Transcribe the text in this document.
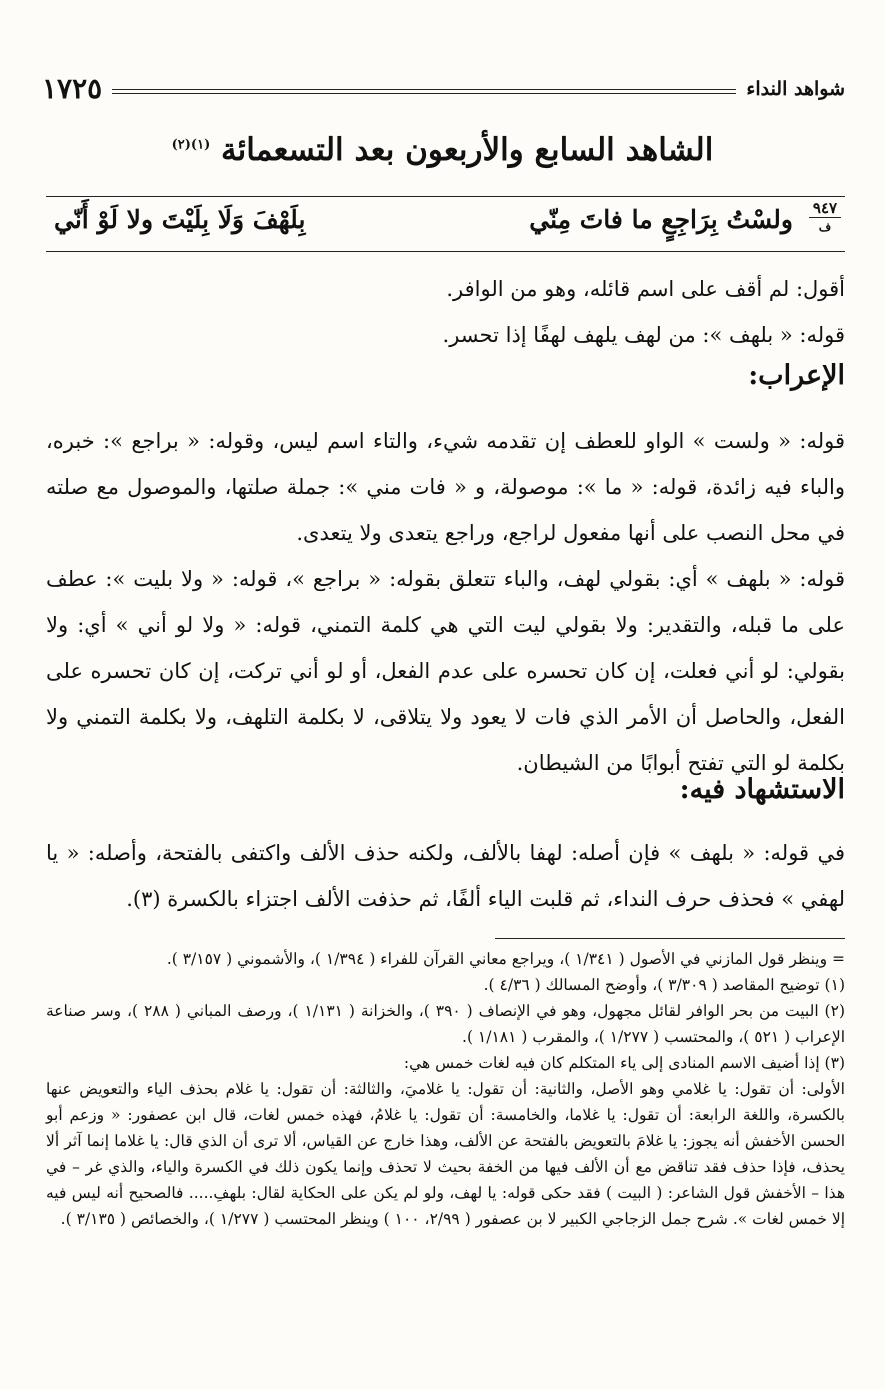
شواهد النداء
١٧٢٥
الشاهد السابع والأربعون بعد التسعمائة $^{(١)(٢)}$
٩٤٧
ف
ولسْتُ بِرَاجِعٍ ما فاتَ مِنّي
بِلَهْفَ وَلَا بِلَيْتَ ولا لَوْ أَنّي

أقول: لم أقف على اسم قائله، وهو من الوافر.

قوله: « بلهف »: من لهف يلهف لهفًا إذا تحسر.

الإعراب:

قوله: « ولست » الواو للعطف إن تقدمه شيء، والتاء اسم ليس، وقوله: « براجع »: خبره، والباء فيه زائدة، قوله: « ما »: موصولة، و « فات مني »: جملة صلتها، والموصول مع صلته في محل النصب على أنها مفعول لراجع، وراجع يتعدى ولا يتعدى.

قوله: « بلهف » أي: بقولي لهف، والباء تتعلق بقوله: « براجع »، قوله: « ولا بليت »: عطف على ما قبله، والتقدير: ولا بقولي ليت التي هي كلمة التمني، قوله: « ولا لو أني » أي: ولا بقولي: لو أني فعلت، إن كان تحسره على عدم الفعل، أو لو أني تركت، إن كان تحسره على الفعل، والحاصل أن الأمر الذي فات لا يعود ولا يتلاقى، لا بكلمة التلهف، ولا بكلمة التمني ولا بكلمة لو التي تفتح أبوابًا من الشيطان.

الاستشهاد فيه:

في قوله: « بلهف » فإن أصله: لهفا بالألف، ولكنه حذف الألف واكتفى بالفتحة، وأصله: « يا لهفي » فحذف حرف النداء، ثم قلبت الياء ألفًا، ثم حذفت الألف اجتزاء بالكسرة (٣).

= وينظر قول المازني في الأصول ( ١/٣٤١ )، ويراجع معاني القرآن للفراء ( ١/٣٩٤ )، والأشموني ( ٣/١٥٧ ).

(١) توضيح المقاصد ( ٣/٣٠٩ )، وأوضح المسالك ( ٤/٣٦ ).

(٢) البيت من بحر الوافر لقائل مجهول، وهو في الإنصاف ( ٣٩٠ )، والخزانة ( ١/١٣١ )، ورصف المباني ( ٢٨٨ )، وسر صناعة الإعراب ( ٥٢١ )، والمحتسب ( ١/٢٧٧ )، والمقرب ( ١/١٨١ ).

(٣) إذا أضيف الاسم المنادى إلى ياء المتكلم كان فيه لغات خمس هي:

الأولى: أن تقول: يا غلامي وهو الأصل، والثانية: أن تقول: يا غلاميَ، والثالثة: أن تقول: يا غلام بحذف الياء والتعويض عنها بالكسرة، واللغة الرابعة: أن تقول: يا غلاما، والخامسة: أن تقول: يا غلامُ، فهذه خمس لغات، قال ابن عصفور: « وزعم أبو الحسن الأخفش أنه يجوز: يا غلامَ بالتعويض بالفتحة عن الألف، وهذا خارج عن القياس، ألا ترى أن الذي قال: يا غلاما إنما آثر ألا يحذف، فإذا حذف فقد تناقض مع أن الألف فيها من الخفة بحيث لا تحذف وإنما يكون ذلك في الكسرة والياء، والذي غر – في هذا – الأخفش قول الشاعر: ( البيت ) فقد حكى قوله: يا لهف، ولو لم يكن على الحكاية لقال: بلهفِ..... فالصحيح أنه ليس فيه إلا خمس لغات ». شرح جمل الزجاجي الكبير لا بن عصفور ( ٢/٩٩، ١٠٠ ) وينظر المحتسب ( ١/٢٧٧ )، والخصائص ( ٣/١٣٥ ).
